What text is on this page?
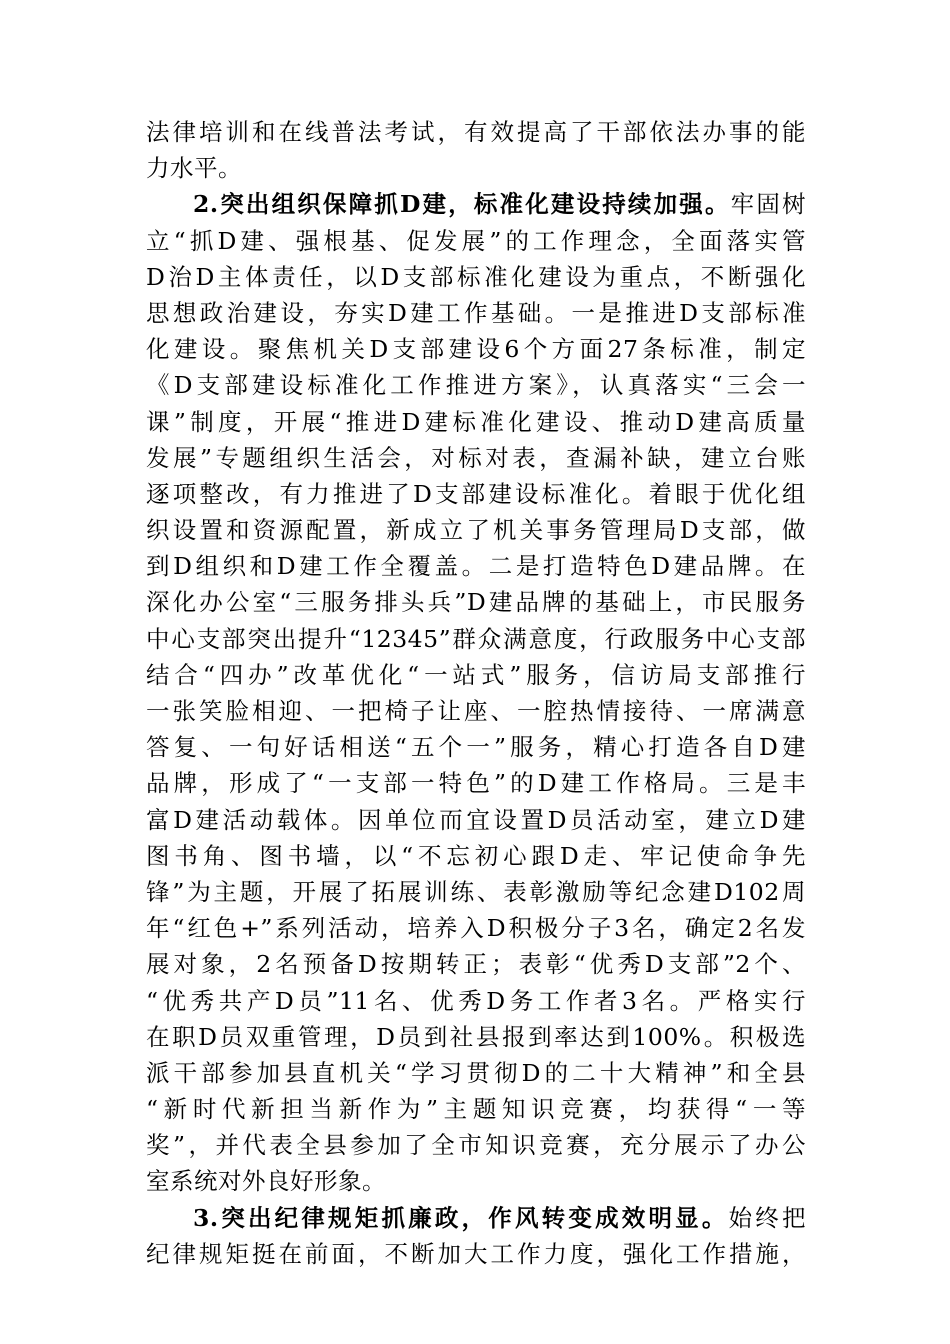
法律培训和在线普法考试，有效提高了干部依法办事的能
力水平。
2.突出组织保障抓D建，标准化建设持续加强。牢固树
立“抓D建、强根基、促发展”的工作理念，全面落实管
D治D主体责任，以D支部标准化建设为重点，不断强化
思想政治建设，夯实D建工作基础。一是推进D支部标准
化建设。聚焦机关D支部建设6个方面27条标准，制定
《D支部建设标准化工作推进方案》，认真落实“三会一
课”制度，开展“推进D建标准化建设、推动D建高质量
发展”专题组织生活会，对标对表，查漏补缺，建立台账
逐项整改，有力推进了D支部建设标准化。着眼于优化组
织设置和资源配置，新成立了机关事务管理局D支部，做
到D组织和D建工作全覆盖。二是打造特色D建品牌。在
深化办公室“三服务排头兵”D建品牌的基础上，市民服务
中心支部突出提升“12345”群众满意度，行政服务中心支部
结合“四办”改革优化“一站式”服务，信访局支部推行
一张笑脸相迎、一把椅子让座、一腔热情接待、一席满意
答复、一句好话相送“五个一”服务，精心打造各自D建
品牌，形成了“一支部一特色”的D建工作格局。三是丰
富D建活动载体。因单位而宜设置D员活动室，建立D建
图书角、图书墙，以“不忘初心跟D走、牢记使命争先
锋”为主题，开展了拓展训练、表彰激励等纪念建D102周
年“红色+”系列活动，培养入D积极分子3名，确定2名发
展对象，2名预备D按期转正；表彰“优秀D支部”2个、
“优秀共产D员”11名、优秀D务工作者3名。严格实行
在职D员双重管理，D员到社县报到率达到100%。积极选
派干部参加县直机关“学习贯彻D的二十大精神”和全县
“新时代新担当新作为”主题知识竞赛，均获得“一等
奖”，并代表全县参加了全市知识竞赛，充分展示了办公
室系统对外良好形象。
3.突出纪律规矩抓廉政，作风转变成效明显。始终把
纪律规矩挺在前面，不断加大工作力度，强化工作措施，
